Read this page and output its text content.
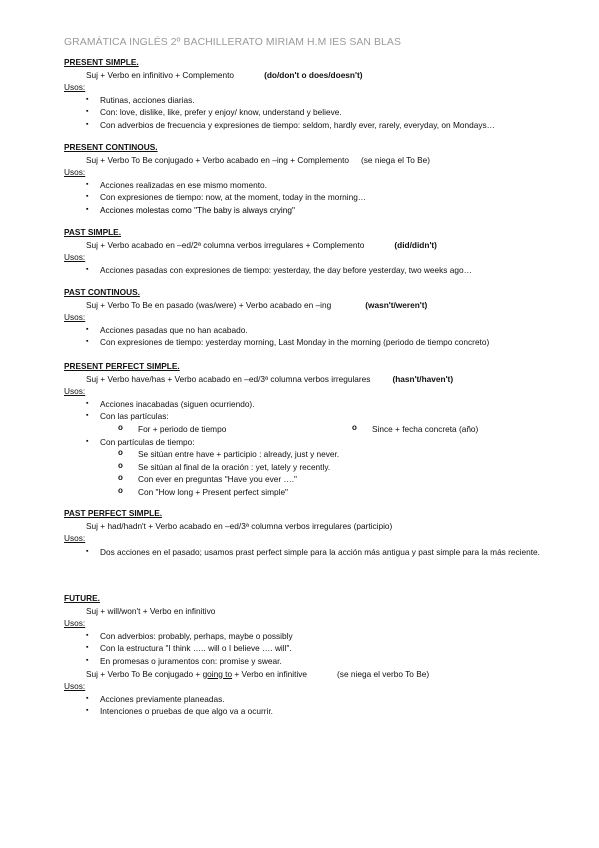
GRAMÁTICA INGLÉS 2º BACHILLERATO MIRIAM H.M IES SAN BLAS
PRESENT SIMPLE.
Suj + Verbo en infinitivo + Complemento	(do/don't o does/doesn't)
Usos:
▪ Rutinas, acciones diarias.
▪ Con: love, dislike, like, prefer y enjoy/ know, understand y believe.
▪ Con adverbios de frecuencia y expresiones de tiempo: seldom, hardly ever, rarely, everyday, on Mondays…
PRESENT CONTINOUS.
Suj + Verbo To Be conjugado + Verbo acabado en –ing + Complemento (se niega el To Be)
Usos:
▪ Acciones realizadas en ese mismo momento.
▪ Con expresiones de tiempo: now, at the moment, today in the morning…
▪ Acciones molestas como "The baby is always crying"
PAST SIMPLE.
Suj + Verbo acabado en –ed/2ª columna verbos irregulares + Complemento	(did/didn't)
Usos:
▪ Acciones pasadas con expresiones de tiempo: yesterday, the day before yesterday, two weeks ago…
PAST CONTINOUS.
Suj + Verbo To Be en pasado (was/were) + Verbo acabado en –ing	(wasn't/weren't)
Usos:
▪ Acciones pasadas que no han acabado.
▪ Con expresiones de tiempo: yesterday morning, Last Monday in the morning (periodo de tiempo concreto)
PRESENT PERFECT SIMPLE.
Suj + Verbo have/has + Verbo acabado en –ed/3ª columna verbos irregulares	(hasn't/haven't)
Usos:
▪ Acciones inacabadas (siguen ocurriendo).
▪ Con las partículas:
o For + periodo de tiempo
o	Since + fecha concreta (año)
▪ Con partículas de tiempo:
o Se sitúan entre have + participio : already, just y never.
o Se sitúan al final de la oración : yet, lately y recently.
o Con ever en preguntas "Have you ever …."
o Con "How long + Present perfect simple"
PAST PERFECT SIMPLE.
Suj + had/hadn't + Verbo acabado en –ed/3ª columna verbos irregulares (participio)
Usos:
▪ Dos acciones en el pasado; usamos prast perfect simple para la acción más antigua y past simple para la más reciente.
FUTURE.
Suj + will/won't + Verbo en infinitivo
Usos:
▪ Con adverbios: probably, perhaps, maybe o possibly
▪ Con la estructura "I think ….. will o I believe …. will".
▪ En promesas o juramentos con: promise y swear.
Suj + Verbo To Be conjugado + going to + Verbo en infinitive	(se niega el verbo To Be)
Usos:
▪ Acciones previamente planeadas.
▪ Intenciones o pruebas de que algo va a ocurrir.
